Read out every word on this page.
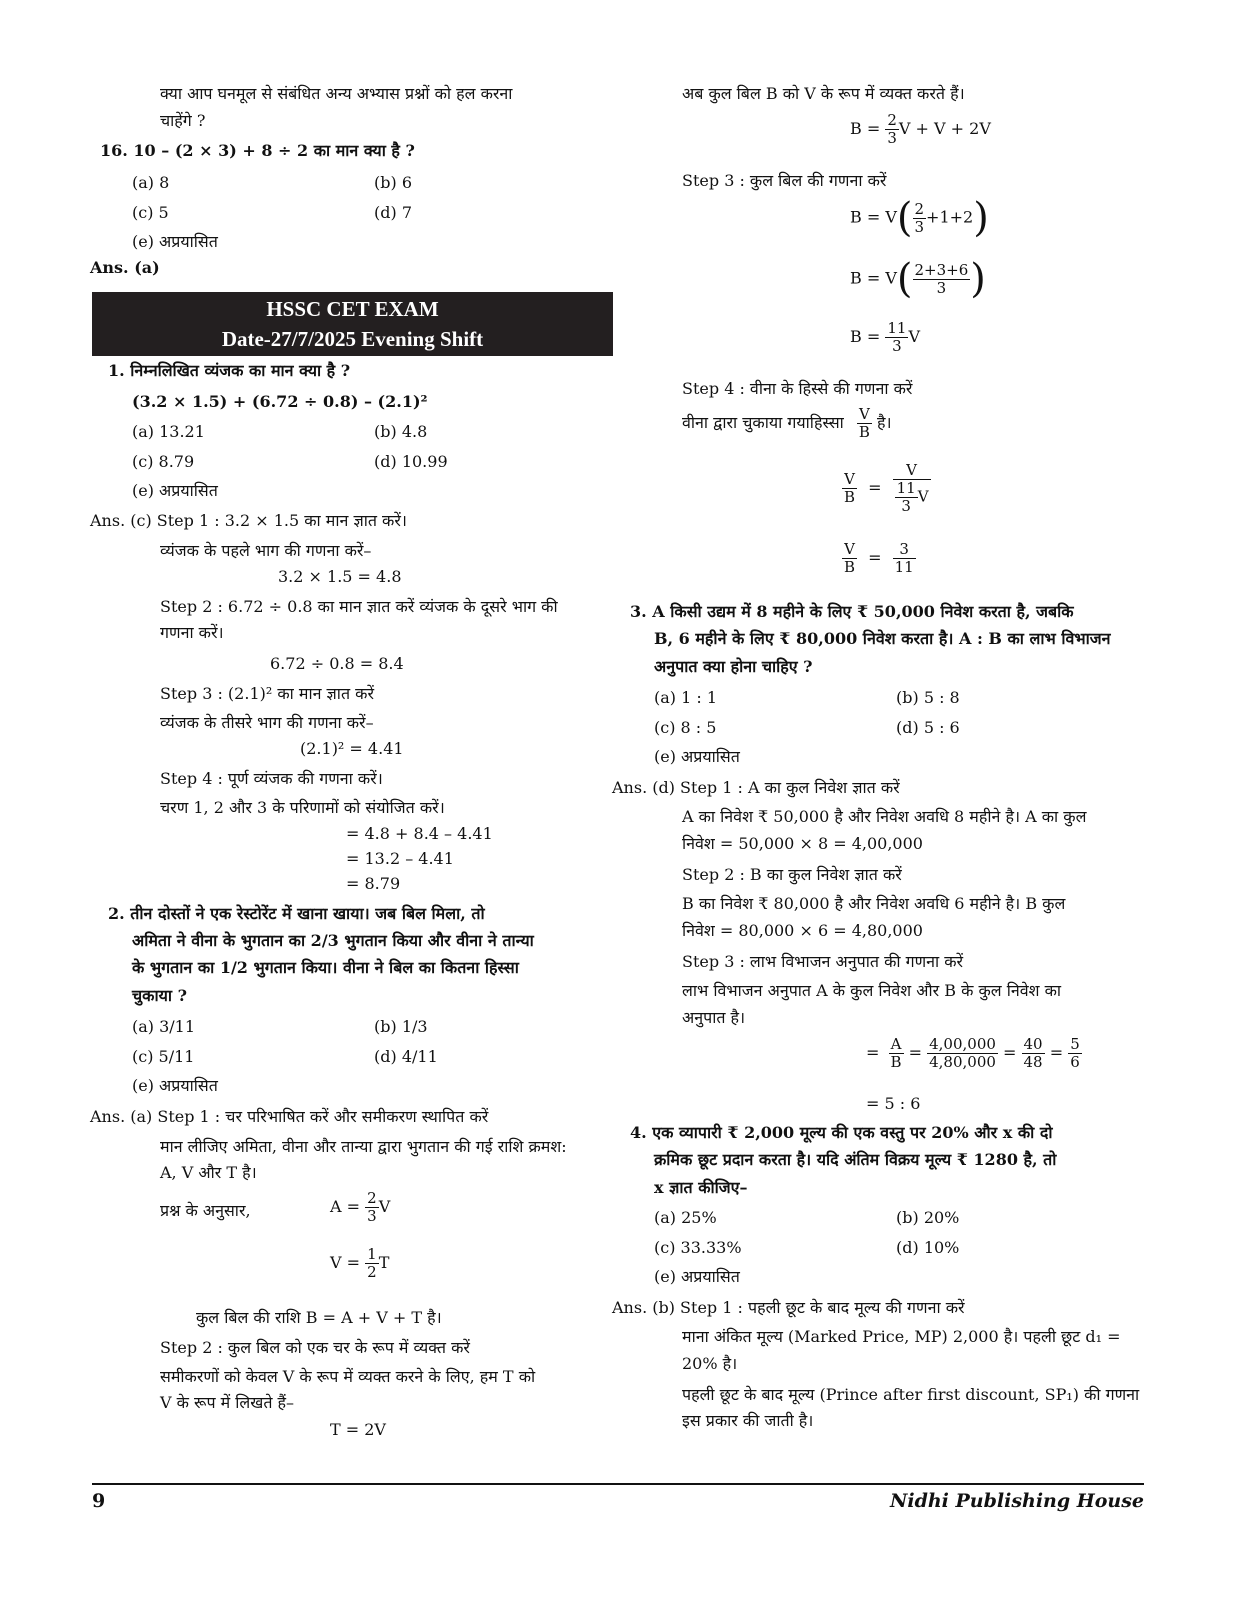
क्या आप घनमूल से संबंधित अन्य अभ्यास प्रश्नों को हल करना
चाहेंगे ?
16. 10 – (2 × 3) + 8 ÷ 2 का मान क्या है ?
(a) 8	(b) 6
(c) 5	(d) 7
(e) अप्रयासित
Ans. (a)
HSSC CET EXAM
Date-27/7/2025 Evening Shift
1. निम्नलिखित व्यंजक का मान क्या है ?
(3.2 × 1.5) + (6.72 ÷ 0.8) – (2.1)²
(a) 13.21	(b) 4.8
(c) 8.79	(d) 10.99
(e) अप्रयासित
Ans. (c) Step 1 : 3.2 × 1.5 का मान ज्ञात करें।
व्यंजक के पहले भाग की गणना करें–
3.2 × 1.5 = 4.8
Step 2 : 6.72 ÷ 0.8 का मान ज्ञात करें व्यंजक के दूसरे भाग की
गणना करें।
6.72 ÷ 0.8 = 8.4
Step 3 : (2.1)² का मान ज्ञात करें
व्यंजक के तीसरे भाग की गणना करें–
(2.1)² = 4.41
Step 4 : पूर्ण व्यंजक की गणना करें।
चरण 1, 2 और 3 के परिणामों को संयोजित करें।
= 4.8 + 8.4 – 4.41
= 13.2 – 4.41
= 8.79
2. तीन दोस्तों ने एक रेस्टोरेंट में खाना खाया। जब बिल मिला, तो
अमिता ने वीना के भुगतान का 2/3 भुगतान किया और वीना ने तान्या
के भुगतान का 1/2 भुगतान किया। वीना ने बिल का कितना हिस्सा
चुकाया ?
(a) 3/11	(b) 1/3
(c) 5/11	(d) 4/11
(e) अप्रयासित
Ans. (a) Step 1 : चर परिभाषित करें और समीकरण स्थापित करें
मान लीजिए अमिता, वीना और तान्या द्वारा भुगतान की गई राशि क्रमश:
A, V और T है।
प्रश्न के अनुसार,	$A = \frac{2}{3}$ V
$V = \frac{1}{2}$ T
कुल बिल की राशि B = A + V + T है।
Step 2 : कुल बिल को एक चर के रूप में व्यक्त करें
समीकरणों को केवल V के रूप में व्यक्त करने के लिए, हम T को
V के रूप में लिखते हैं–
T = 2V
अब कुल बिल B को V के रूप में व्यक्त करते हैं।
$B = \frac{2}{3}$ V + V + 2V
Step 3 : कुल बिल की गणना करें
$B = V( \frac{2}{3} +1+2)$
$B = V( \frac{2+3+6}{3}$ )
$B = \frac{11}{3}$ V
Step 4 : वीना के हिस्से की गणना करें
वीना द्वारा चुकाया गयाहिस्सा $\frac{V}{B}$ है।
$\frac{V}{B} = \frac{V}{\frac{11}{3} V}$
$\frac{V}{B} = \frac{3}{11}$
3. A किसी उद्यम में 8 महीने के लिए ₹ 50,000 निवेश करता है, जबकि
B, 6 महीने के लिए ₹ 80,000 निवेश करता है। A : B का लाभ विभाजन
अनुपात क्या होना चाहिए ?
(a) 1 : 1	(b) 5 : 8
(c) 8 : 5	(d) 5 : 6
(e) अप्रयासित
Ans. (d) Step 1 : A का कुल निवेश ज्ञात करें
A का निवेश ₹ 50,000 है और निवेश अवधि 8 महीने है। A का कुल
निवेश = 50,000 × 8 = 4,00,000
Step 2 : B का कुल निवेश ज्ञात करें
B का निवेश ₹ 80,000 है और निवेश अवधि 6 महीने है। B कुल
निवेश = 80,000 × 6 = 4,80,000
Step 3 : लाभ विभाजन अनुपात की गणना करें
लाभ विभाजन अनुपात A के कुल निवेश और B के कुल निवेश का
अनुपात है।
= $\frac{A}{B} = \frac{4,00,000}{4,80,000} = \frac{40}{48} = \frac{5}{6}$
= 5 : 6
4. एक व्यापारी ₹ 2,000 मूल्य की एक वस्तु पर 20% और x की दो
क्रमिक छूट प्रदान करता है। यदि अंतिम विक्रय मूल्य ₹ 1280 है, तो
x ज्ञात कीजिए–
(a) 25%	(b) 20%
(c) 33.33%	(d) 10%
(e) अप्रयासित
Ans. (b) Step 1 : पहली छूट के बाद मूल्य की गणना करें
माना अंकित मूल्य (Marked Price, MP) 2,000 है। पहली छूट d₁ =
20% है।
पहली छूट के बाद मूल्य (Prince after first discount, SP₁) की गणना
इस प्रकार की जाती है।
9	Nidhi Publishing House
